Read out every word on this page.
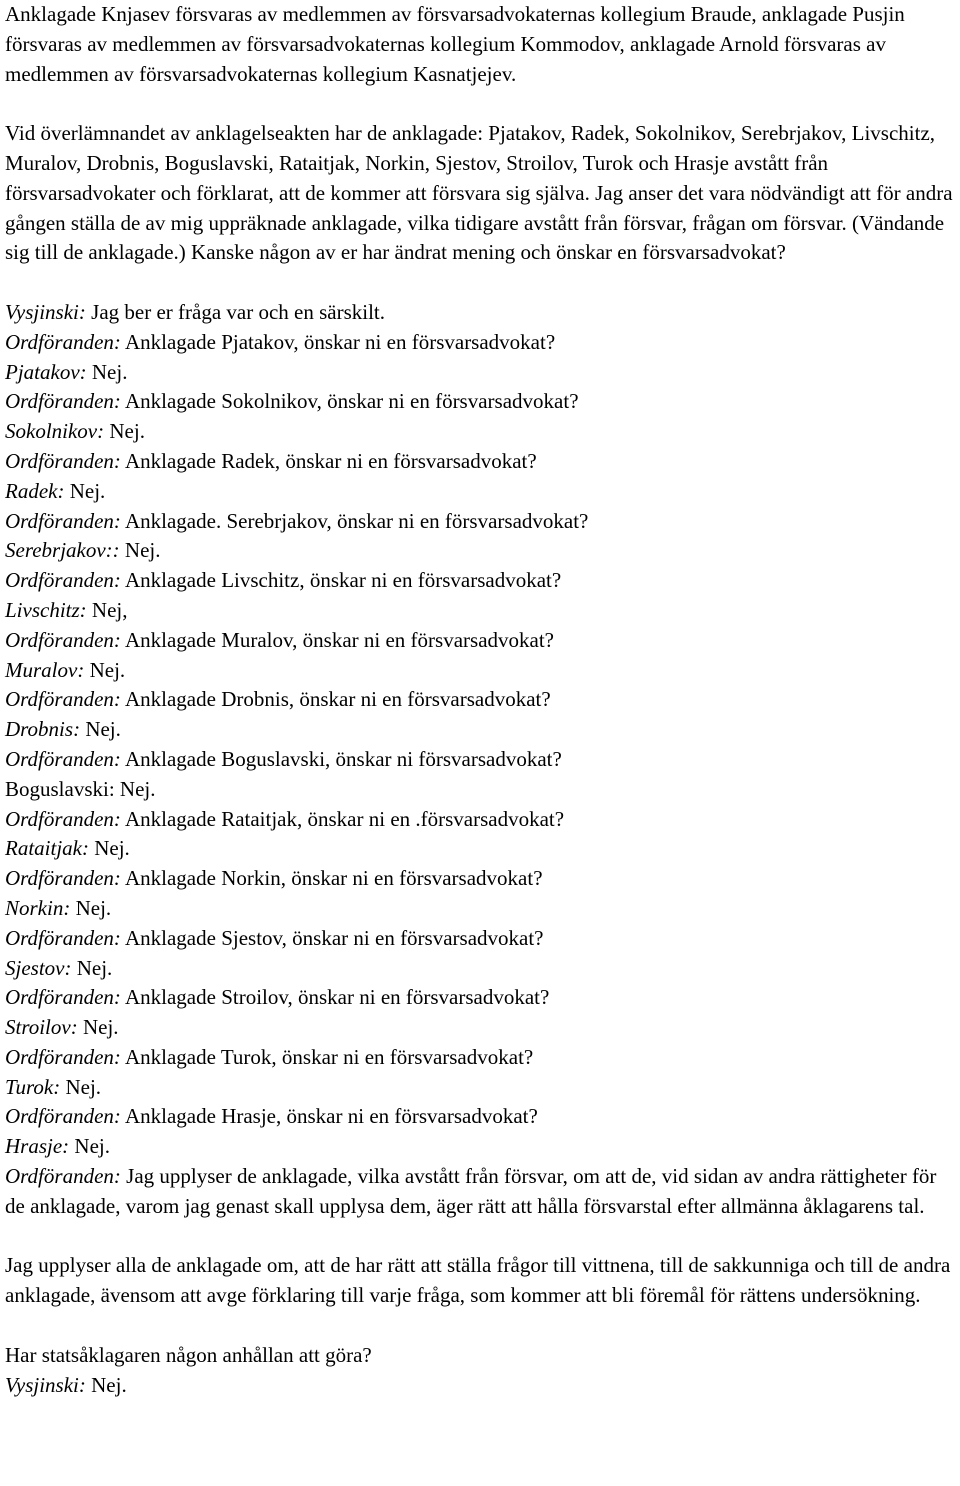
Anklagade Knjasev försvaras av medlemmen av försvarsadvokaternas kollegium Braude, anklagade Pusjin försvaras av medlemmen av försvarsadvokaternas kollegium Kommodov, anklagade Arnold försvaras av medlemmen av försvarsadvokaternas kollegium Kasnatjejev.

Vid överlämnandet av anklagelseakten har de anklagade: Pjatakov, Radek, Sokolnikov, Serebrjakov, Livschitz, Muralov, Drobnis, Boguslavski, Rataitjak, Norkin, Sjestov, Stroilov, Turok och Hrasje avstått från försvarsadvokater och förklarat, att de kommer att försvara sig själva. Jag anser det vara nödvändigt att för andra gången ställa de av mig uppräknade anklagade, vilka tidigare avstått från försvar, frågan om försvar. (Vändande sig till de anklagade.) Kanske någon av er har ändrat mening och önskar en försvarsadvokat?

Vysjinski: Jag ber er fråga var och en särskilt.

Ordföranden: Anklagade Pjatakov, önskar ni en försvarsadvokat?

Pjatakov: Nej.

Ordföranden: Anklagade Sokolnikov, önskar ni en försvarsadvokat?

Sokolnikov: Nej.

Ordföranden: Anklagade Radek, önskar ni en försvarsadvokat?

Radek: Nej.

Ordföranden: Anklagade. Serebrjakov, önskar ni en försvarsadvokat?

Serebrjakov:: Nej.

Ordföranden: Anklagade Livschitz, önskar ni en försvarsadvokat?

Livschitz: Nej,

Ordföranden: Anklagade Muralov, önskar ni en försvarsadvokat?

Muralov: Nej.

Ordföranden: Anklagade Drobnis, önskar ni en försvarsadvokat?

Drobnis: Nej.

Ordföranden: Anklagade Boguslavski, önskar ni försvarsadvokat?

Boguslavski: Nej.

Ordföranden: Anklagade Rataitjak, önskar ni en .försvarsadvokat?

Rataitjak: Nej.

Ordföranden: Anklagade Norkin, önskar ni en försvarsadvokat?

Norkin: Nej.

Ordföranden: Anklagade Sjestov, önskar ni en försvarsadvokat?

Sjestov: Nej.

Ordföranden: Anklagade Stroilov, önskar ni en försvarsadvokat?

Stroilov: Nej.

Ordföranden: Anklagade Turok, önskar ni en försvarsadvokat?

Turok: Nej.

Ordföranden: Anklagade Hrasje, önskar ni en försvarsadvokat?

Hrasje: Nej.

Ordföranden: Jag upplyser de anklagade, vilka avstått från försvar, om att de, vid sidan av andra rättigheter för de anklagade, varom jag genast skall upplysa dem, äger rätt att hålla försvarstal efter allmänna åklagarens tal.

Jag upplyser alla de anklagade om, att de har rätt att ställa frågor till vittnena, till de sakkunniga och till de andra anklagade, ävensom att avge förklaring till varje fråga, som kommer att bli föremål för rättens undersökning.

Har statsåklagaren någon anhållan att göra?

Vysjinski: Nej.
